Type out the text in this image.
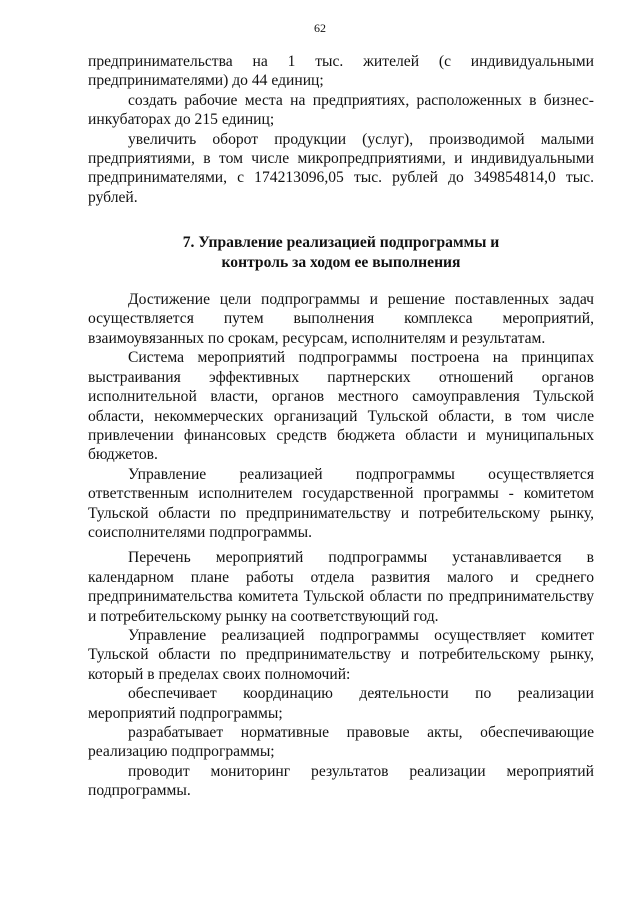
62

предпринимательства на 1 тыс. жителей (с индивидуальными предпринимателями) до 44 единиц;

создать рабочие места на предприятиях, расположенных в бизнес-инкубаторах до 215 единиц;

увеличить оборот продукции (услуг), производимой малыми предприятиями, в том числе микропредприятиями, и индивидуальными предпринимателями, с 174213096,05 тыс. рублей до 349854814,0 тыс. рублей.

7. Управление реализацией подпрограммы и
контроль за ходом ее выполнения

Достижение цели подпрограммы и решение поставленных задач осуществляется путем выполнения комплекса мероприятий, взаимоувязанных по срокам, ресурсам, исполнителям и результатам.

Система мероприятий подпрограммы построена на принципах выстраивания эффективных партнерских отношений органов исполнительной власти, органов местного самоуправления Тульской области, некоммерческих организаций Тульской области, в том числе привлечении финансовых средств бюджета области и муниципальных бюджетов.

Управление реализацией подпрограммы осуществляется ответственным исполнителем государственной программы - комитетом Тульской области по предпринимательству и потребительскому рынку, соисполнителями подпрограммы.

Перечень мероприятий подпрограммы устанавливается в календарном плане работы отдела развития малого и среднего предпринимательства комитета Тульской области по предпринимательству и потребительскому рынку на соответствующий год.

Управление реализацией подпрограммы осуществляет комитет Тульской области по предпринимательству и потребительскому рынку, который в пределах своих полномочий:

обеспечивает координацию деятельности по реализации мероприятий подпрограммы;

разрабатывает нормативные правовые акты, обеспечивающие реализацию подпрограммы;

проводит мониторинг результатов реализации мероприятий подпрограммы.
